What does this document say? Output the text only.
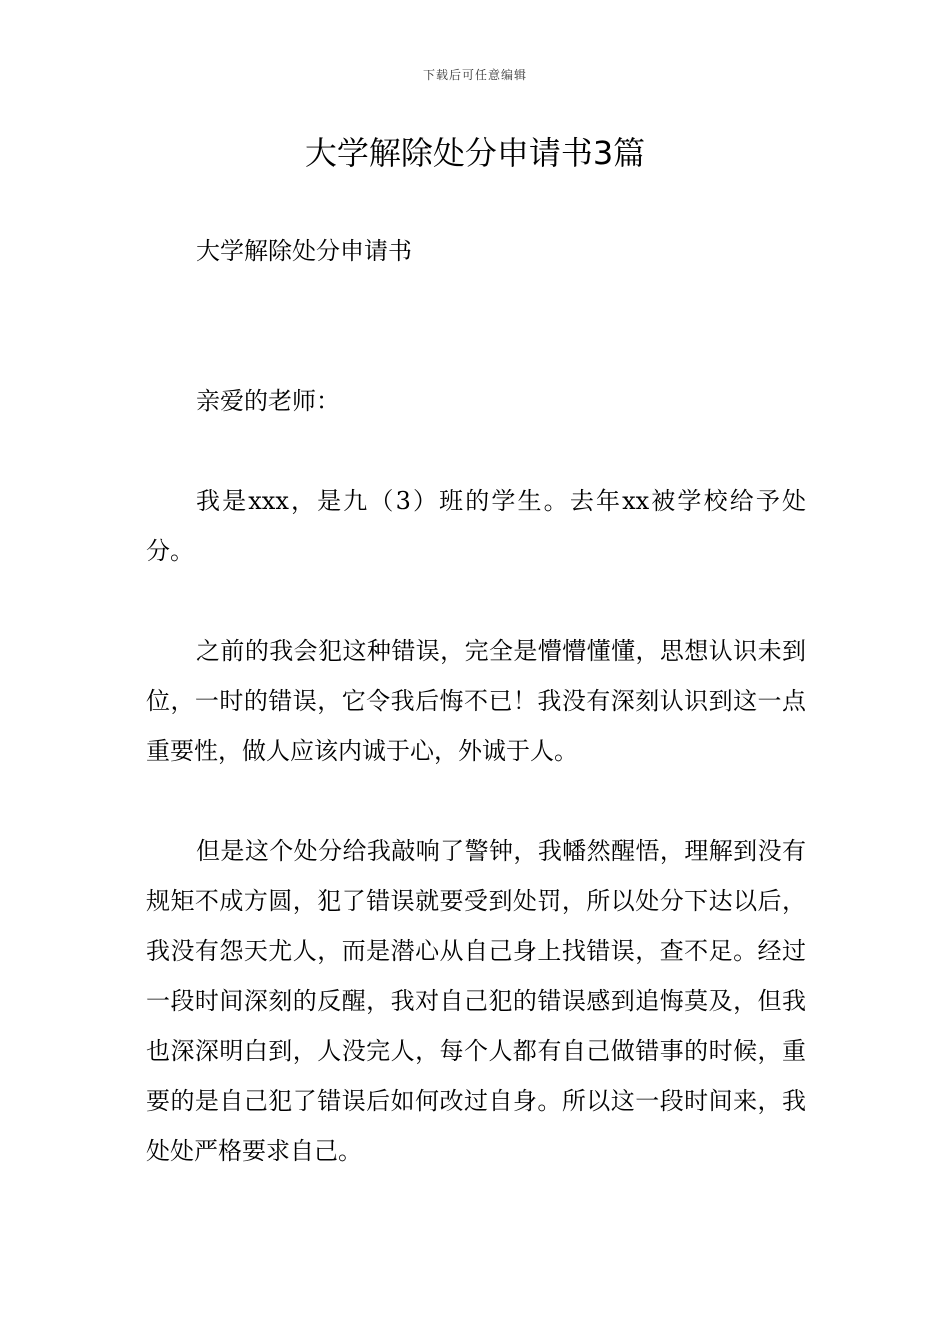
下载后可任意编辑
大学解除处分申请书3篇

大学解除处分申请书

亲爱的老师：

我是xxx，是九（3）班的学生。去年xx被学校给予处分。

之前的我会犯这种错误，完全是懵懵懂懂，思想认识未到位，一时的错误，它令我后悔不已！我没有深刻认识到这一点重要性，做人应该内诚于心，外诚于人。

但是这个处分给我敲响了警钟，我幡然醒悟，理解到没有规矩不成方圆，犯了错误就要受到处罚，所以处分下达以后，我没有怨天尤人，而是潜心从自己身上找错误，查不足。经过一段时间深刻的反醒，我对自己犯的错误感到追悔莫及，但我也深深明白到，人没完人，每个人都有自己做错事的时候，重要的是自己犯了错误后如何改过自身。所以这一段时间来，我处处严格要求自己。
